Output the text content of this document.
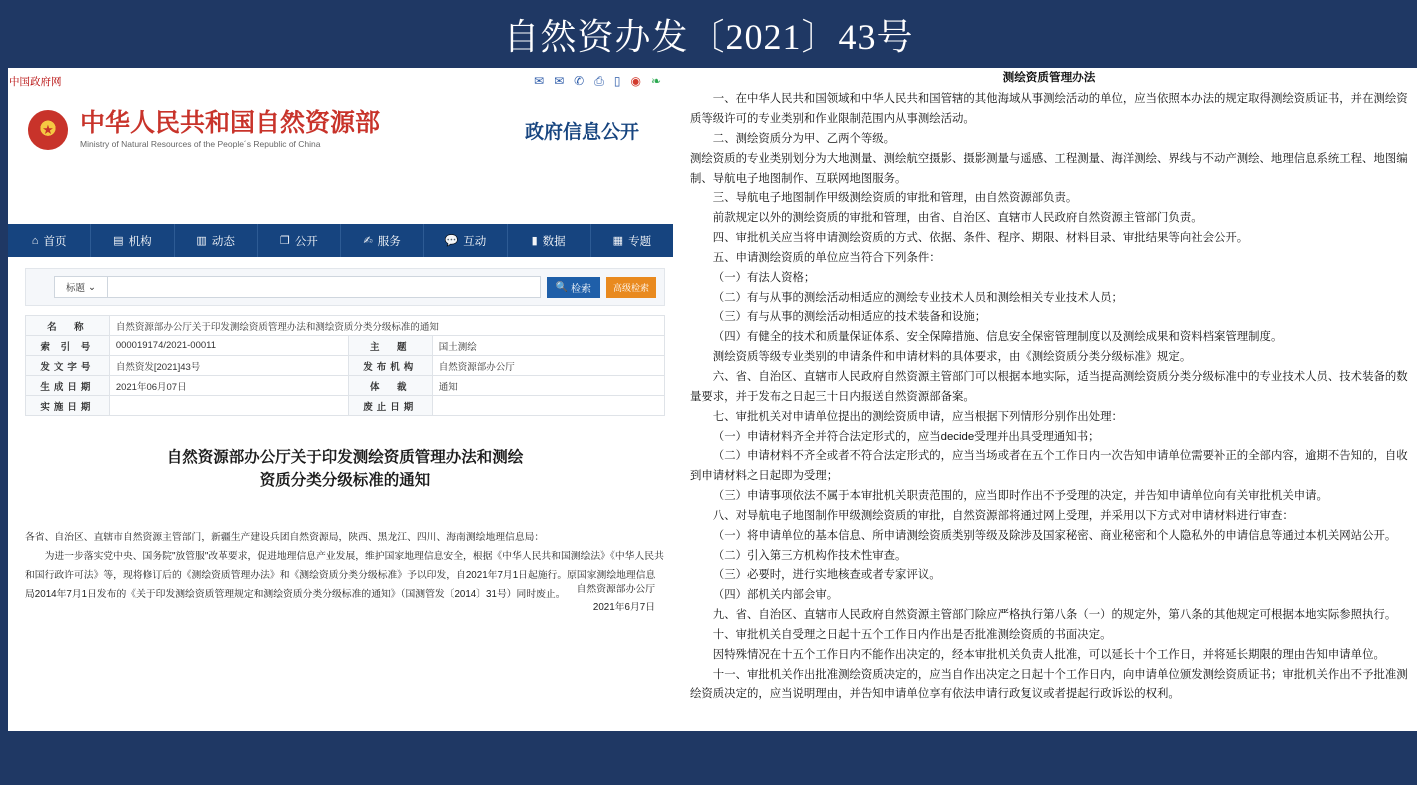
自然资办发〔2021〕43号
中国政府网	✉ ✉ ✆ ⎙ ▯ ◉ ❧
★
中华人民共和国自然资源部
Ministry of Natural Resources of the People´s Republic of China
政府信息公开
⌂ 首页	▤ 机构	▥ 动态	❐ 公开	✍ 服务	💬 互动	▮ 数据	▦ 专题
标题 ⌄	🔍 检索	高级检索
名　称	自然资源部办公厅关于印发测绘资质管理办法和测绘资质分类分级标准的通知		
索 引 号	000019174/2021-00011	主　题	国土测绘
发文字号	自然资发[2021]43号	发布机构	自然资源部办公厅
生成日期	2021年06月07日	体　裁	通知
实施日期		废止日期	
自然资源部办公厅关于印发测绘资质管理办法和测绘
资质分类分级标准的通知

各省、自治区、直辖市自然资源主管部门，新疆生产建设兵团自然资源局，陕西、黑龙江、四川、海南测绘地理信息局：

为进一步落实党中央、国务院"放管服"改革要求，促进地理信息产业发展，维护国家地理信息安全，根据《中华人民共和国测绘法》《中华人民共和国行政许可法》等，现将修订后的《测绘资质管理办法》和《测绘资质分类分级标准》予以印发，自2021年7月1日起施行。原国家测绘地理信息局2014年7月1日发布的《关于印发测绘资质管理规定和测绘资质分类分级标准的通知》（国测管发〔2014〕31号）同时废止。	自然资源部办公厅
2021年6月7日

测绘资质管理办法

一、在中华人民共和国领域和中华人民共和国管辖的其他海域从事测绘活动的单位，应当依照本办法的规定取得测绘资质证书，并在测绘资质等级许可的专业类别和作业限制范围内从事测绘活动。

二、测绘资质分为甲、乙两个等级。

测绘资质的专业类别划分为大地测量、测绘航空摄影、摄影测量与遥感、工程测量、海洋测绘、界线与不动产测绘、地理信息系统工程、地图编制、导航电子地图制作、互联网地图服务。

三、导航电子地图制作甲级测绘资质的审批和管理，由自然资源部负责。

前款规定以外的测绘资质的审批和管理，由省、自治区、直辖市人民政府自然资源主管部门负责。

四、审批机关应当将申请测绘资质的方式、依据、条件、程序、期限、材料目录、审批结果等向社会公开。

五、申请测绘资质的单位应当符合下列条件：

（一）有法人资格；

（二）有与从事的测绘活动相适应的测绘专业技术人员和测绘相关专业技术人员；

（三）有与从事的测绘活动相适应的技术装备和设施；

（四）有健全的技术和质量保证体系、安全保障措施、信息安全保密管理制度以及测绘成果和资料档案管理制度。

测绘资质等级专业类别的申请条件和申请材料的具体要求，由《测绘资质分类分级标准》规定。

六、省、自治区、直辖市人民政府自然资源主管部门可以根据本地实际，适当提高测绘资质分类分级标准中的专业技术人员、技术装备的数量要求，并于发布之日起三十日内报送自然资源部备案。

七、审批机关对申请单位提出的测绘资质申请，应当根据下列情形分别作出处理：

（一）申请材料齐全并符合法定形式的，应当decide受理并出具受理通知书；

（二）申请材料不齐全或者不符合法定形式的，应当当场或者在五个工作日内一次告知申请单位需要补正的全部内容，逾期不告知的，自收到申请材料之日起即为受理；

（三）申请事项依法不属于本审批机关职责范围的，应当即时作出不予受理的决定，并告知申请单位向有关审批机关申请。

八、对导航电子地图制作甲级测绘资质的审批，自然资源部将通过网上受理，并采用以下方式对申请材料进行审查：

（一）将申请单位的基本信息、所申请测绘资质类别等级及除涉及国家秘密、商业秘密和个人隐私外的申请信息等通过本机关网站公开。

（二）引入第三方机构作技术性审查。

（三）必要时，进行实地核查或者专家评议。

（四）部机关内部会审。

九、省、自治区、直辖市人民政府自然资源主管部门除应严格执行第八条（一）的规定外，第八条的其他规定可根据本地实际参照执行。

十、审批机关自受理之日起十五个工作日内作出是否批准测绘资质的书面决定。

因特殊情况在十五个工作日内不能作出决定的，经本审批机关负责人批准，可以延长十个工作日，并将延长期限的理由告知申请单位。

十一、审批机关作出批准测绘资质决定的，应当自作出决定之日起十个工作日内，向申请单位颁发测绘资质证书；审批机关作出不予批准测绘资质决定的，应当说明理由，并告知申请单位享有依法申请行政复议或者提起行政诉讼的权利。
